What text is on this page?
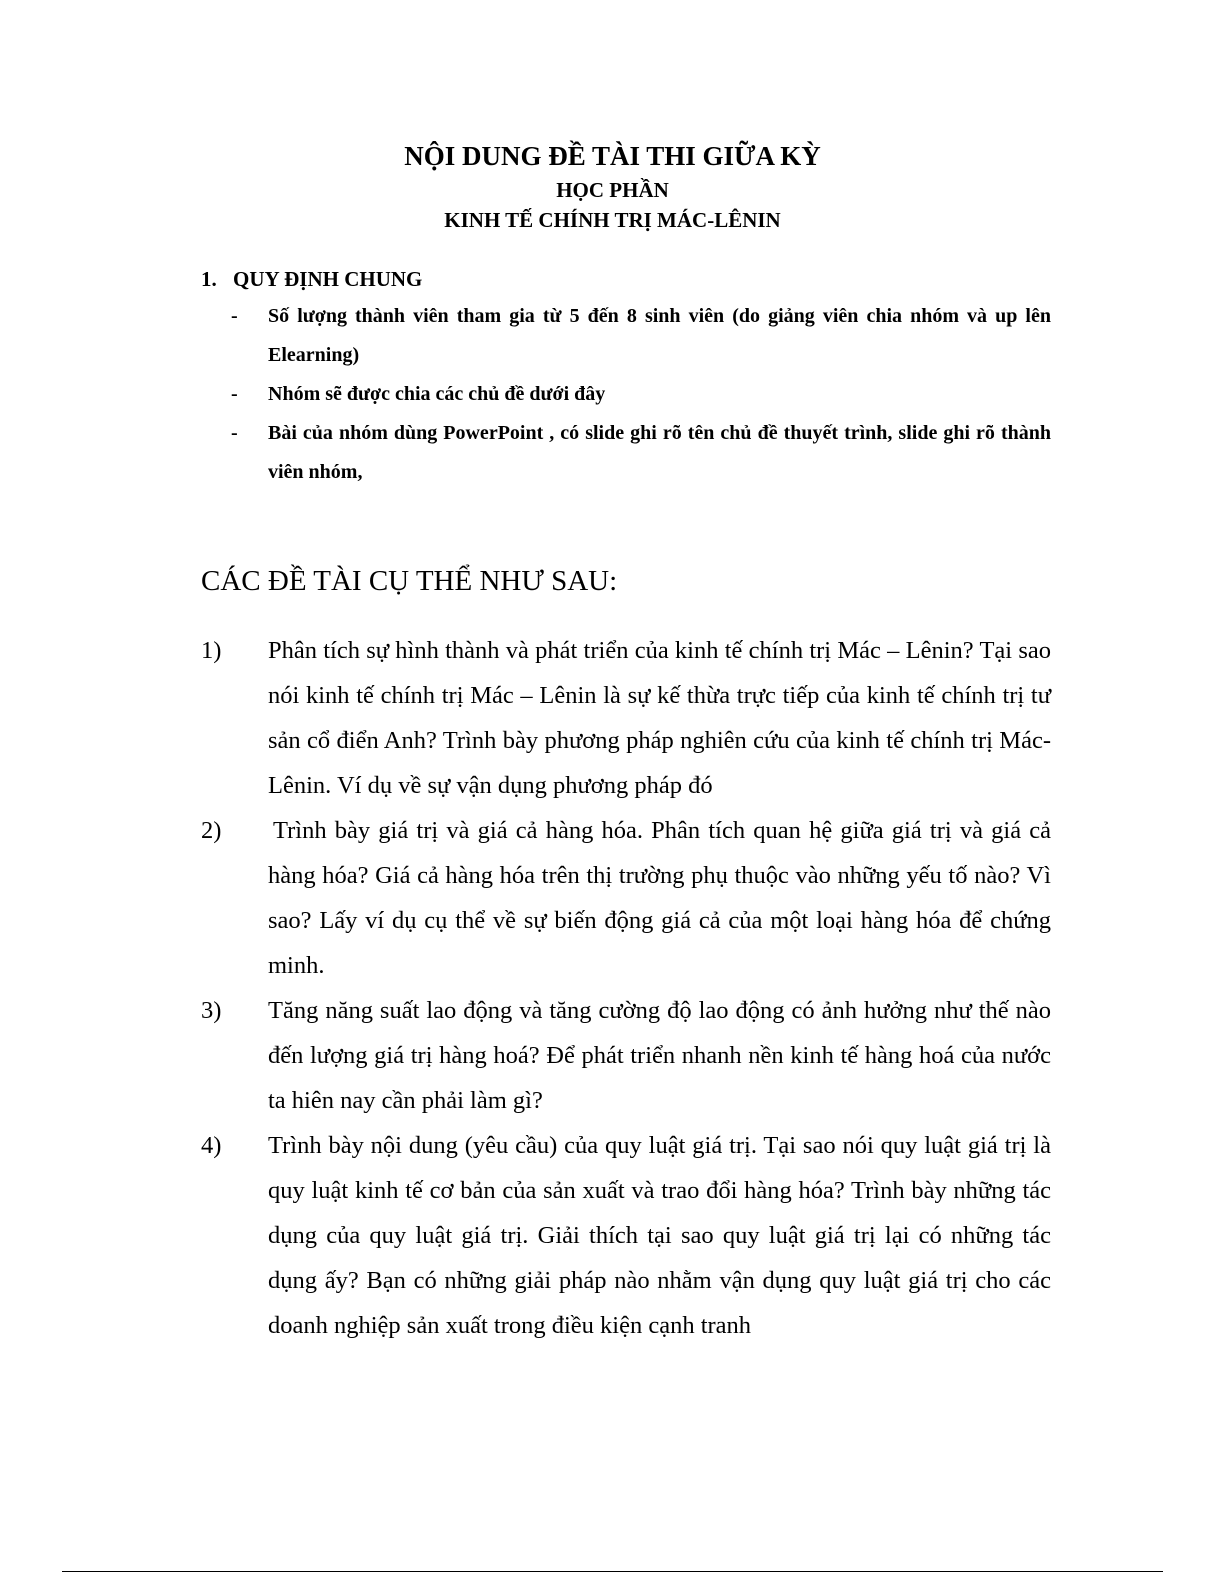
NỘI DUNG ĐỀ TÀI THI GIỮA KỲ
HỌC PHẦN
KINH TẾ CHÍNH TRỊ MÁC-LÊNIN
1. QUY ĐỊNH CHUNG
- Số lượng thành viên tham gia từ 5 đến 8 sinh viên (do giảng viên chia nhóm và up lên Elearning)
- Nhóm sẽ được chia các chủ đề dưới đây
- Bài của nhóm dùng PowerPoint , có slide ghi rõ tên chủ đề thuyết trình, slide ghi rõ thành viên nhóm,
CÁC ĐỀ TÀI CỤ THỂ NHƯ SAU:
1) Phân tích sự hình thành và phát triển của kinh tế chính trị Mác – Lênin? Tại sao nói kinh tế chính trị Mác – Lênin là sự kế thừa trực tiếp của kinh tế chính trị tư sản cổ điển Anh? Trình bày phương pháp nghiên cứu của kinh tế chính trị Mác-Lênin. Ví dụ về sự vận dụng phương pháp đó
2) Trình bày giá trị và giá cả hàng hóa. Phân tích quan hệ giữa giá trị và giá cả hàng hóa? Giá cả hàng hóa trên thị trường phụ thuộc vào những yếu tố nào? Vì sao? Lấy ví dụ cụ thể về sự biến động giá cả của một loại hàng hóa để chứng minh.
3) Tăng năng suất lao động và tăng cường độ lao động có ảnh hưởng như thế nào đến lượng giá trị hàng hoá? Để phát triển nhanh nền kinh tế hàng hoá của nước ta hiên nay cần phải làm gì?
4) Trình bày nội dung (yêu cầu) của quy luật giá trị. Tại sao nói quy luật giá trị là quy luật kinh tế cơ bản của sản xuất và trao đổi hàng hóa? Trình bày những tác dụng của quy luật giá trị. Giải thích tại sao quy luật giá trị lại có những tác dụng ấy? Bạn có những giải pháp nào nhằm vận dụng quy luật giá trị cho các doanh nghiệp sản xuất trong điều kiện cạnh tranh
